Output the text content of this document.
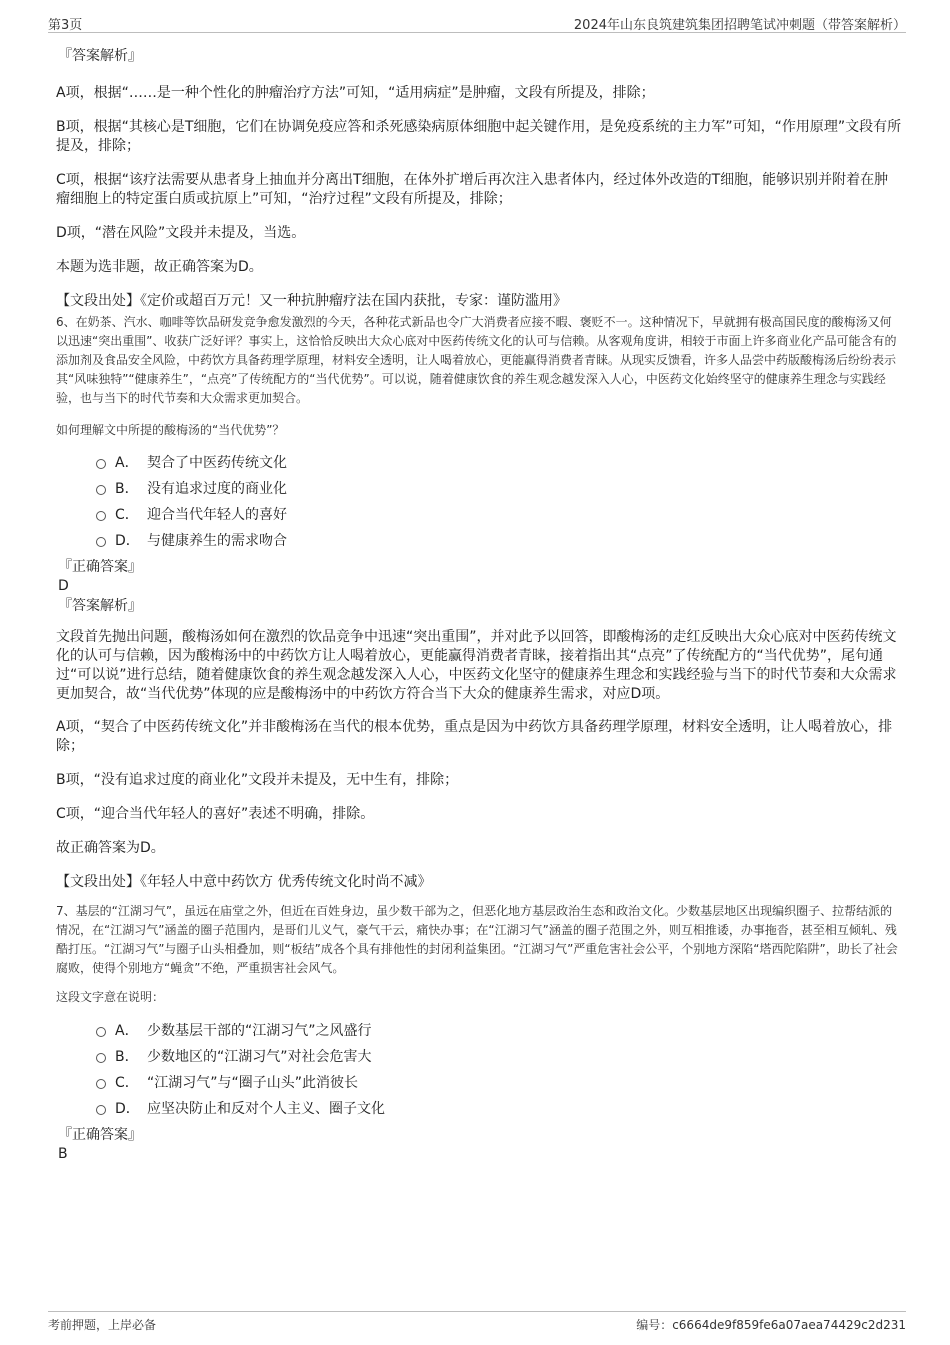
第3页	2024年山东良筑建筑集团招聘笔试冲刺题（带答案解析）
『答案解析』

A项，根据“……是一种个性化的肿瘤治疗方法”可知，“适用病症”是肿瘤，文段有所提及，排除；

B项，根据“其核心是T细胞，它们在协调免疫应答和杀死感染病原体细胞中起关键作用，是免疫系统的主力军”可知，“作用原理”文段有所提及，排除；

C项，根据“该疗法需要从患者身上抽血并分离出T细胞，在体外扩增后再次注入患者体内，经过体外改造的T细胞，能够识别并附着在肿瘤细胞上的特定蛋白质或抗原上”可知，“治疗过程”文段有所提及，排除；

D项，“潜在风险”文段并未提及，当选。

本题为选非题，故正确答案为D。

【文段出处】《定价或超百万元！又一种抗肿瘤疗法在国内获批，专家：谨防滥用》

6、在奶茶、汽水、咖啡等饮品研发竞争愈发激烈的今天，各种花式新品也令广大消费者应接不暇、褒贬不一。这种情况下，早就拥有极高国民度的酸梅汤又何以迅速“突出重围”、收获广泛好评？事实上，这恰恰反映出大众心底对中医药传统文化的认可与信赖。从客观角度讲，相较于市面上许多商业化产品可能含有的添加剂及食品安全风险，中药饮方具备药理学原理，材料安全透明，让人喝着放心，更能赢得消费者青睐。从现实反馈看，许多人品尝中药版酸梅汤后纷纷表示其“风味独特”“健康养生”，“点亮”了传统配方的“当代优势”。可以说，随着健康饮食的养生观念越发深入人心，中医药文化始终坚守的健康养生理念与实践经验，也与当下的时代节奏和大众需求更加契合。

如何理解文中所提的酸梅汤的“当代优势”？

A． 契合了中医药传统文化
B． 没有追求过度的商业化
C． 迎合当代年轻人的喜好
D． 与健康养生的需求吻合
『正确答案』
D
『答案解析』

文段首先抛出问题，酸梅汤如何在激烈的饮品竞争中迅速“突出重围”，并对此予以回答，即酸梅汤的走红反映出大众心底对中医药传统文化的认可与信赖，因为酸梅汤中的中药饮方让人喝着放心，更能赢得消费者青睐，接着指出其“点亮”了传统配方的“当代优势”，尾句通过“可以说”进行总结，随着健康饮食的养生观念越发深入人心，中医药文化坚守的健康养生理念和实践经验与当下的时代节奏和大众需求更加契合，故“当代优势”体现的应是酸梅汤中的中药饮方符合当下大众的健康养生需求，对应D项。

A项，“契合了中医药传统文化”并非酸梅汤在当代的根本优势，重点是因为中药饮方具备药理学原理，材料安全透明，让人喝着放心，排除；

B项，“没有追求过度的商业化”文段并未提及，无中生有，排除；

C项，“迎合当代年轻人的喜好”表述不明确，排除。

故正确答案为D。

【文段出处】《年轻人中意中药饮方 优秀传统文化时尚不减》

7、基层的“江湖习气”，虽远在庙堂之外，但近在百姓身边，虽少数干部为之，但恶化地方基层政治生态和政治文化。少数基层地区出现编织圈子、拉帮结派的情况，在“江湖习气”涵盖的圈子范围内，是哥们儿义气，豪气干云，痛快办事；在“江湖习气”涵盖的圈子范围之外，则互相推诿，办事拖沓，甚至相互倾轧、残酷打压。“江湖习气”与圈子山头相叠加，则“板结”成各个具有排他性的封闭利益集团。“江湖习气”严重危害社会公平，个别地方深陷“塔西陀陷阱”，助长了社会腐败，使得个别地方“蝇贪”不绝，严重损害社会风气。

这段文字意在说明：

A． 少数基层干部的“江湖习气”之风盛行
B． 少数地区的“江湖习气”对社会危害大
C． “江湖习气”与“圈子山头”此消彼长
D． 应坚决防止和反对个人主义、圈子文化
『正确答案』
B
考前押题，上岸必备	编号：c6664de9f859fe6a07aea74429c2d231
